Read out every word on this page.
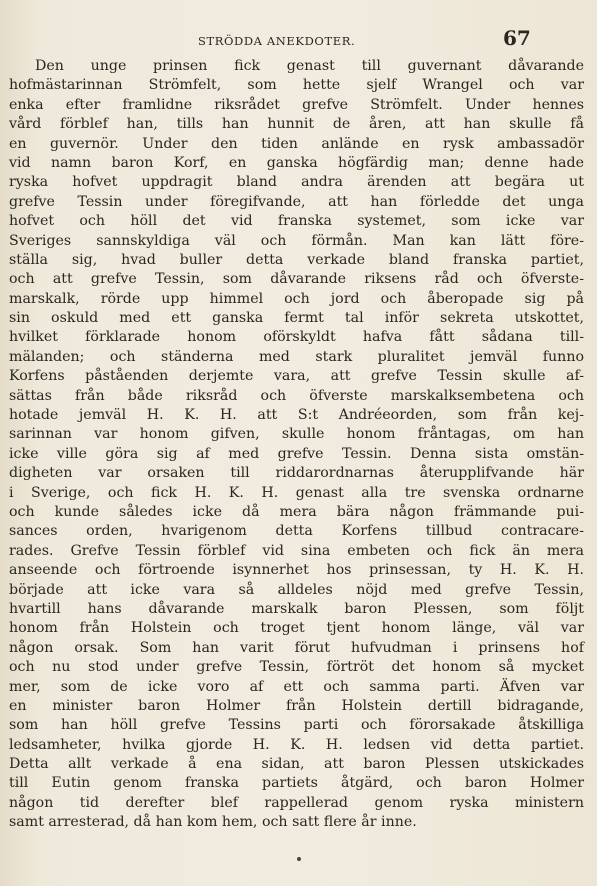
STRÖDDA ANEKDOTER.	67
Den unge prinsen fick genast till guvernant dåvarande
hofmästarinnan Strömfelt, som hette sjelf Wrangel och var
enka efter framlidne riksrådet grefve Strömfelt. Under hennes
vård förblef han, tills han hunnit de åren, att han skulle få
en guvernör. Under den tiden anlände en rysk ambassadör
vid namn baron Korf, en ganska högfärdig man; denne hade
ryska hofvet uppdragit bland andra ärenden att begära ut
grefve Tessin under föregifvande, att han förledde det unga
hofvet och höll det vid franska systemet, som icke var
Sveriges sannskyldiga väl och förmån. Man kan lätt före-
ställa sig, hvad buller detta verkade bland franska partiet,
och att grefve Tessin, som dåvarande riksens råd och öfverste-
marskalk, rörde upp himmel och jord och åberopade sig på
sin oskuld med ett ganska fermt tal inför sekreta utskottet,
hvilket förklarade honom oförskyldt hafva fått sådana till-
mälanden; och ständerna med stark pluralitet jemväl funno
Korfens påståenden derjemte vara, att grefve Tessin skulle af-
sättas från både riksråd och öfverste marskalksembetena och
hotade jemväl H. K. H. att S:t Andréeorden, som från kej-
sarinnan var honom gifven, skulle honom fråntagas, om han
icke ville göra sig af med grefve Tessin. Denna sista omstän-
digheten var orsaken till riddarordnarnas återupplifvande här
i Sverige, och fick H. K. H. genast alla tre svenska ordnarne
och kunde således icke då mera bära någon främmande pui-
sances orden, hvarigenom detta Korfens tillbud contracare-
rades. Grefve Tessin förblef vid sina embeten och fick än mera
anseende och förtroende isynnerhet hos prinsessan, ty H. K. H.
började att icke vara så alldeles nöjd med grefve Tessin,
hvartill hans dåvarande marskalk baron Plessen, som följt
honom från Holstein och troget tjent honom länge, väl var
någon orsak. Som han varit förut hufvudman i prinsens hof
och nu stod under grefve Tessin, förtröt det honom så mycket
mer, som de icke voro af ett och samma parti. Äfven var
en minister baron Holmer från Holstein dertill bidragande,
som han höll grefve Tessins parti och förorsakade åtskilliga
ledsamheter, hvilka gjorde H. K. H. ledsen vid detta partiet.
Detta allt verkade å ena sidan, att baron Plessen utskickades
till Eutin genom franska partiets åtgärd, och baron Holmer
någon tid derefter blef rappellerad genom ryska ministern
samt arresterad, då han kom hem, och satt flere år inne.
